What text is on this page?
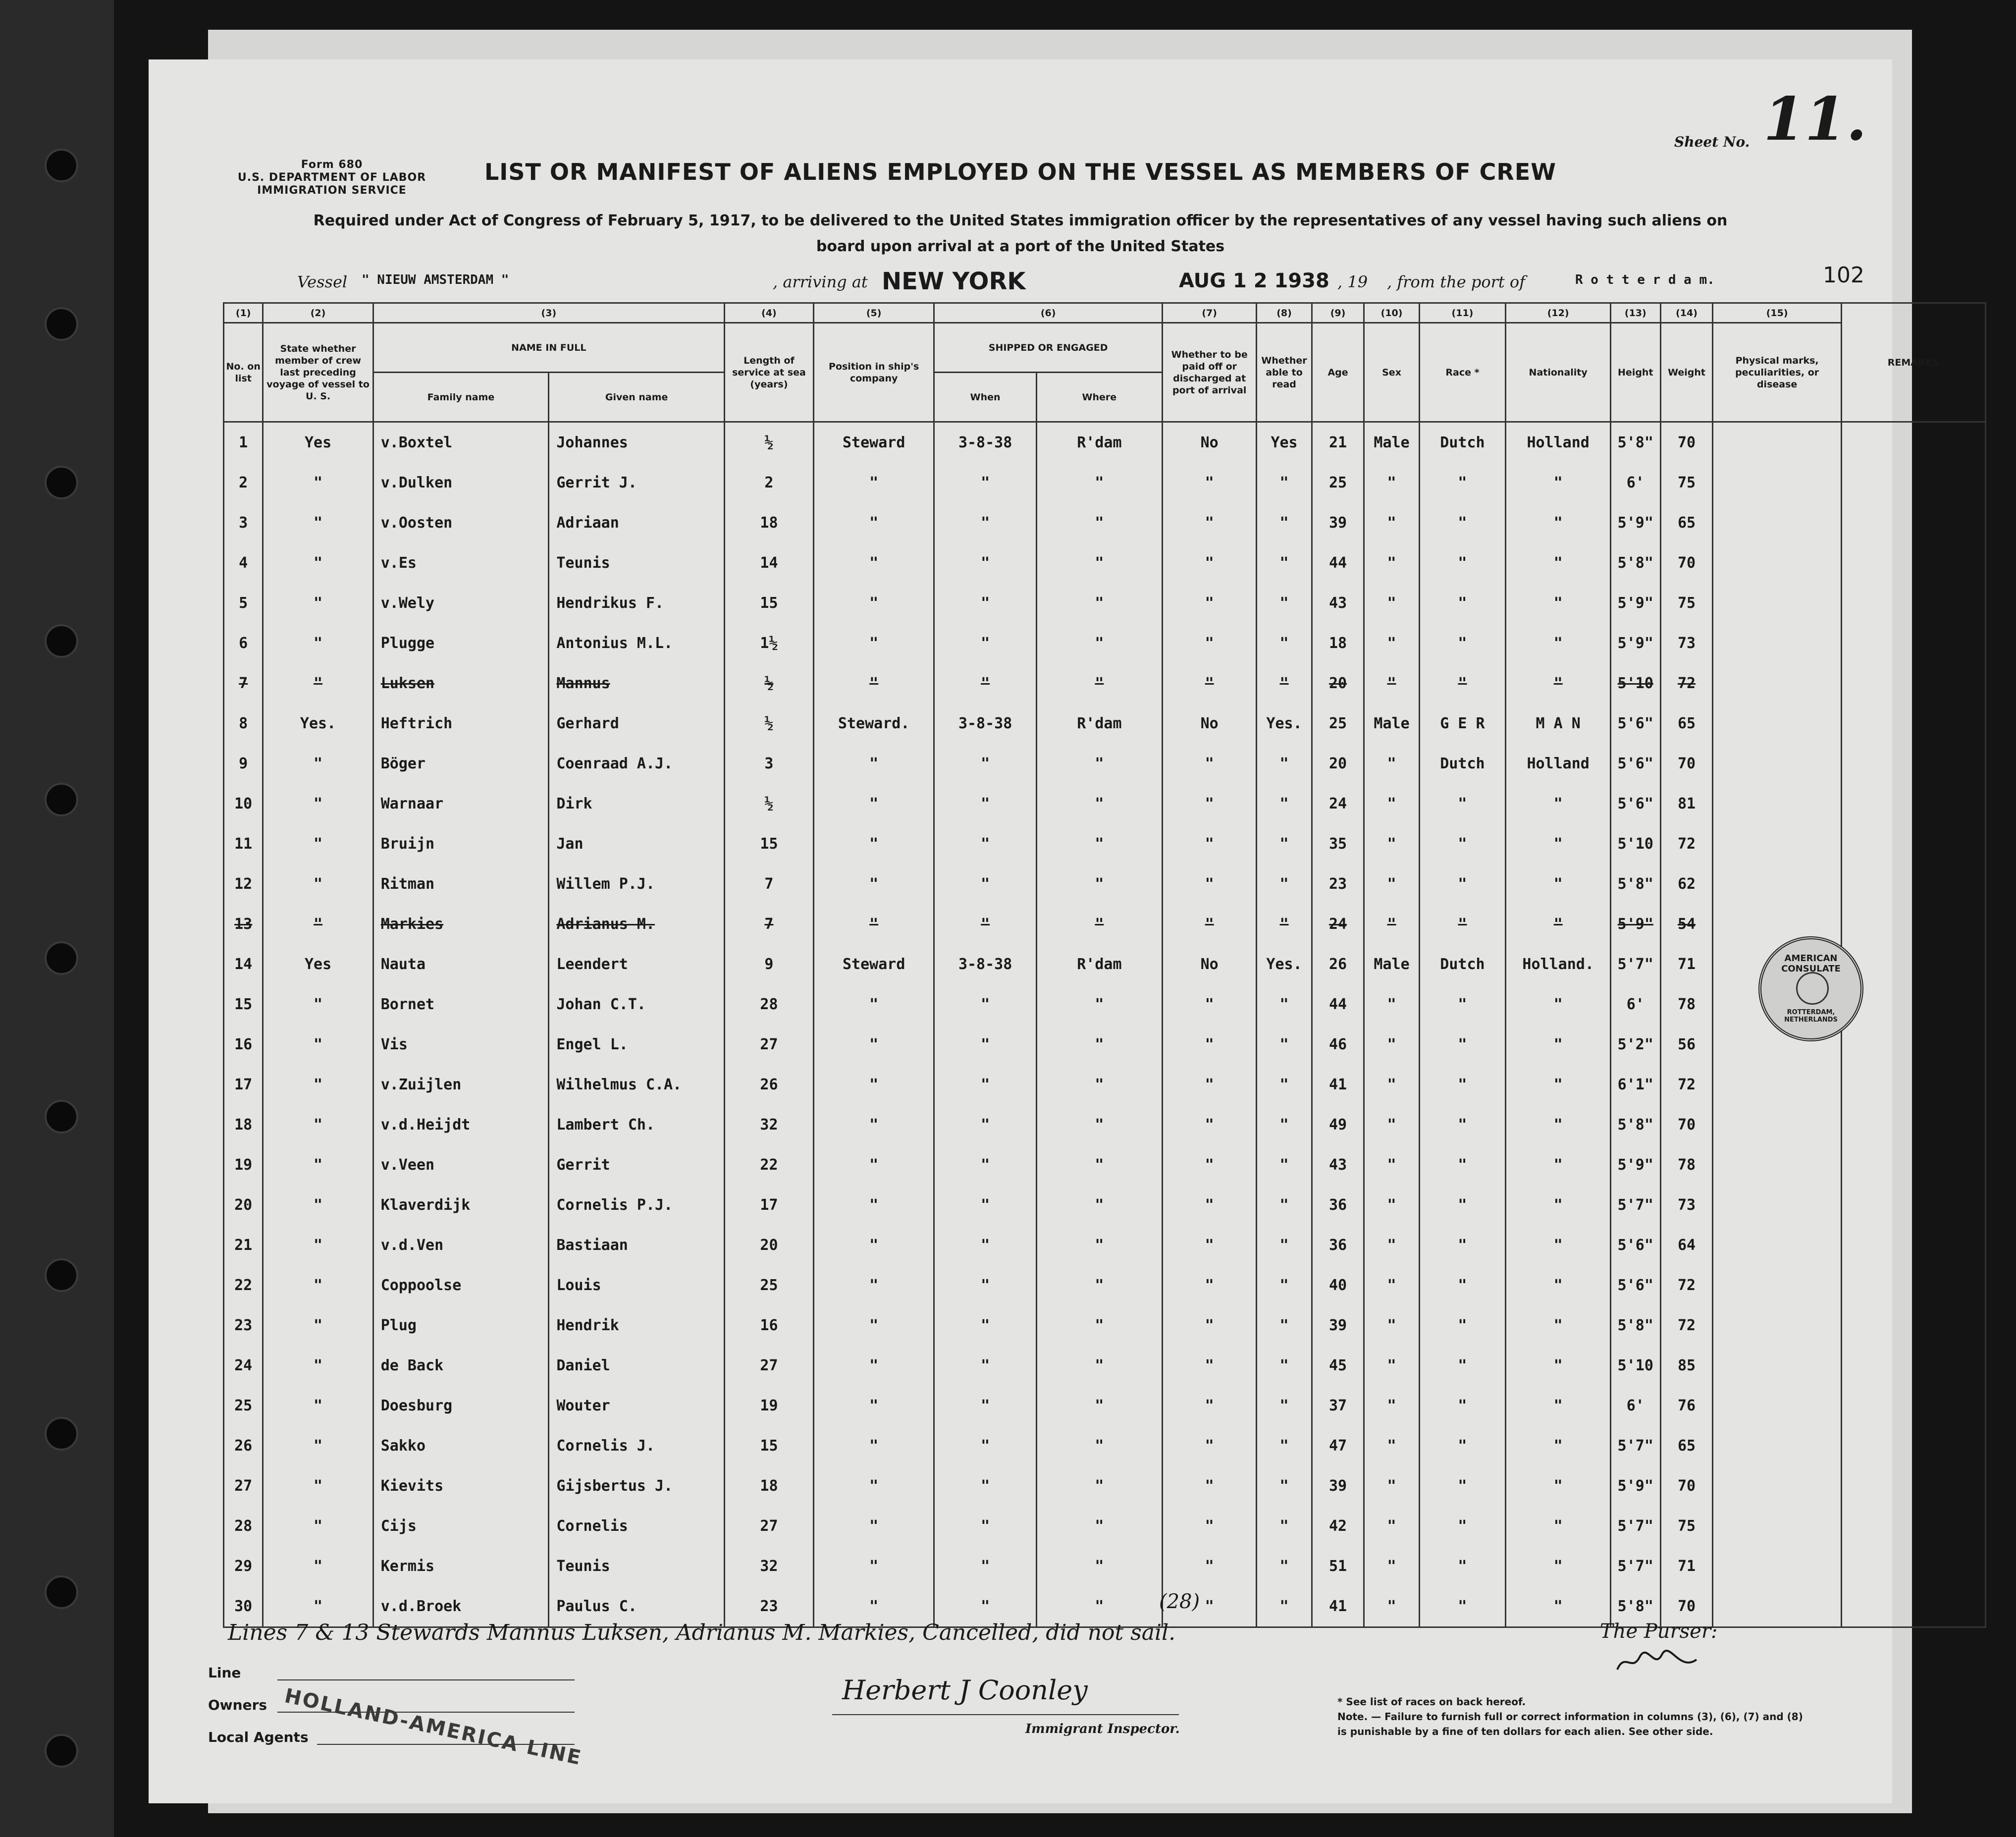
Form 680
U.S. DEPARTMENT OF LABOR
IMMIGRATION SERVICE
Sheet No. 11.
LIST OR MANIFEST OF ALIENS EMPLOYED ON THE VESSEL AS MEMBERS OF CREW
Required under Act of Congress of February 5, 1917, to be delivered to the United States immigration officer by the representatives of any vessel having such aliens on board upon arrival at a port of the United States
Vessel " NIEUW AMSTERDAM "	, arriving at NEW YORK	AUG 1 2 1938 , 19 , from the port of	R o t t e r d a m.	102
(1)	(2)	(3)		(4)	(5)	(6)		(7)	(8)	(9)	(10)	(11)	(12)	(13)	(14)	(15)	REMARKS
No. on list	State whether member of crew last preceding voyage of vessel to U. S.	NAME IN FULL		Length of service at sea (years)	Position in ship's company	SHIPPED OR ENGAGED		Whether to be paid off or discharged at port of arrival	Whether able to read	Age	Sex	Race *	Nationality	Height	Weight	Physical marks, peculiarities, or disease	
		Family name	Given name			When	Where										
1	Yes	v.Boxtel	Johannes	½	Steward	3-8-38	R'dam	No	Yes	21	Male	Dutch	Holland	5'8"	70		
2	"	v.Dulken	Gerrit J.	2	"	"	"	"	"	25	"	"	"	6'	75		
3	"	v.Oosten	Adriaan	18	"	"	"	"	"	39	"	"	"	5'9"	65		
4	"	v.Es	Teunis	14	"	"	"	"	"	44	"	"	"	5'8"	70		
5	"	v.Wely	Hendrikus F.	15	"	"	"	"	"	43	"	"	"	5'9"	75		
6	"	Plugge	Antonius M.L.	1½	"	"	"	"	"	18	"	"	"	5'9"	73		
7	"	Luksen	Mannus	½	"	"	"	"	"	20	"	"	"	5'10	72		
8	Yes.	Heftrich	Gerhard	½	Steward.	3-8-38	R'dam	No	Yes.	25	Male	G E R	M A N	5'6"	65		
9	"	Böger	Coenraad A.J.	3	"	"	"	"	"	20	"	Dutch	Holland	5'6"	70		
10	"	Warnaar	Dirk	½	"	"	"	"	"	24	"	"	"	5'6"	81		
11	"	Bruijn	Jan	15	"	"	"	"	"	35	"	"	"	5'10	72		
12	"	Ritman	Willem P.J.	7	"	"	"	"	"	23	"	"	"	5'8"	62		
13	"	Markies	Adrianus M.	7	"	"	"	"	"	24	"	"	"	5'9"	54		
14	Yes	Nauta	Leendert	9	Steward	3-8-38	R'dam	No	Yes.	26	Male	Dutch	Holland.	5'7"	71		
15	"	Bornet	Johan C.T.	28	"	"	"	"	"	44	"	"	"	6'	78		
16	"	Vis	Engel L.	27	"	"	"	"	"	46	"	"	"	5'2"	56		
17	"	v.Zuijlen	Wilhelmus C.A.	26	"	"	"	"	"	41	"	"	"	6'1"	72		
18	"	v.d.Heijdt	Lambert Ch.	32	"	"	"	"	"	49	"	"	"	5'8"	70		
19	"	v.Veen	Gerrit	22	"	"	"	"	"	43	"	"	"	5'9"	78		
20	"	Klaverdijk	Cornelis P.J.	17	"	"	"	"	"	36	"	"	"	5'7"	73		
21	"	v.d.Ven	Bastiaan	20	"	"	"	"	"	36	"	"	"	5'6"	64		
22	"	Coppoolse	Louis	25	"	"	"	"	"	40	"	"	"	5'6"	72		
23	"	Plug	Hendrik	16	"	"	"	"	"	39	"	"	"	5'8"	72		
24	"	de Back	Daniel	27	"	"	"	"	"	45	"	"	"	5'10	85		
25	"	Doesburg	Wouter	19	"	"	"	"	"	37	"	"	"	6'	76		
26	"	Sakko	Cornelis J.	15	"	"	"	"	"	47	"	"	"	5'7"	65		
27	"	Kievits	Gijsbertus J.	18	"	"	"	"	"	39	"	"	"	5'9"	70		
28	"	Cijs	Cornelis	27	"	"	"	"	"	42	"	"	"	5'7"	75		
29	"	Kermis	Teunis	32	"	"	"	"	"	51	"	"	"	5'7"	71		
30	"	v.d.Broek	Paulus C.	23	"	"	"	"	"	41	"	"	"	5'8"	70		

AMERICAN CONSULATE
ROTTERDAM, NETHERLANDS
(28)
Lines 7 & 13 Stewards Mannus Luksen, Adrianus M. Markies, Cancelled, did not sail.	The Purser:
Line
Owners
Local Agents
HOLLAND-AMERICA LINE	Herbert J Coonley
Immigrant Inspector.
* See list of races on back hereof.
Note. — Failure to furnish full or correct information in columns (3), (6), (7) and (8)
is punishable by a fine of ten dollars for each alien. See other side.
